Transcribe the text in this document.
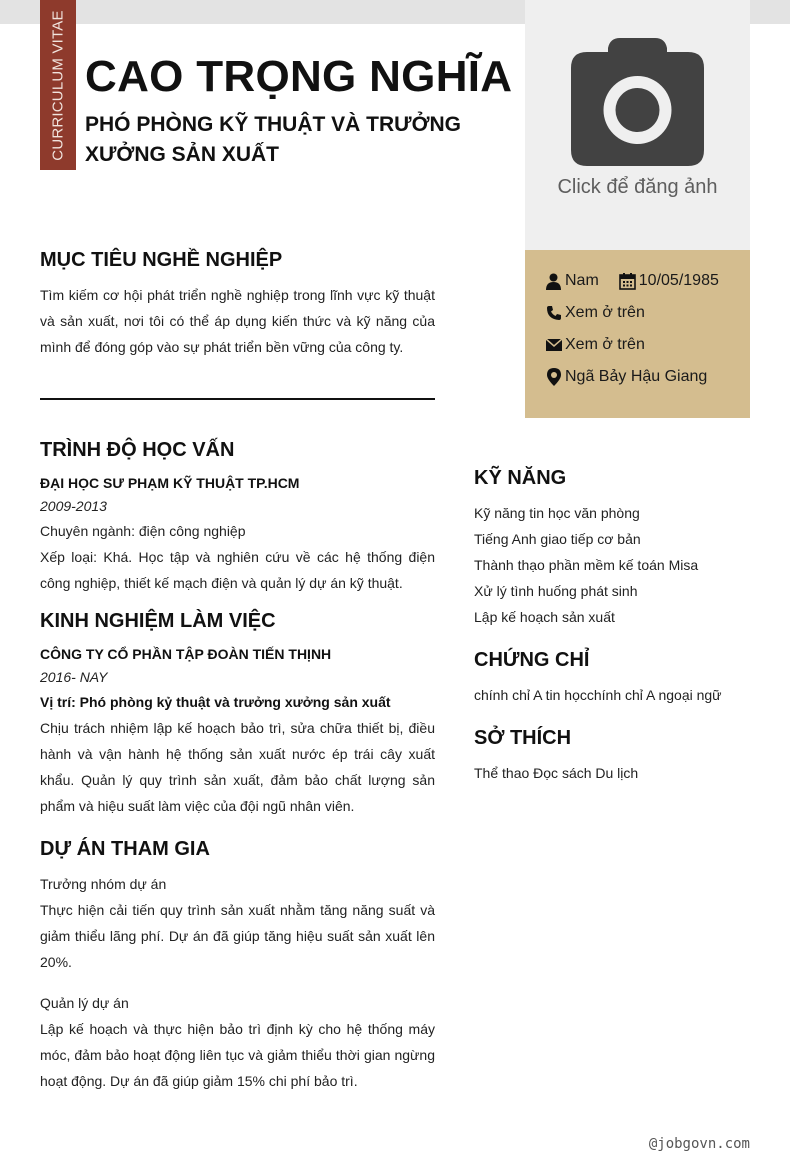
CURRICULUM VITAE CAO TRỌNG NGHĨA
PHÓ PHÒNG KỸ THUẬT VÀ TRƯỞNG XƯỞNG SẢN XUẤT
Click để đăng ảnh
Nam	10/05/1985
Xem ở trên
Xem ở trên
Ngã Bảy Hậu Giang
MỤC TIÊU NGHỀ NGHIỆP
Tìm kiếm cơ hội phát triển nghề nghiệp trong lĩnh vực kỹ thuật và sản xuất, nơi tôi có thể áp dụng kiến thức và kỹ năng của mình để đóng góp vào sự phát triển bền vững của công ty.
TRÌNH ĐỘ HỌC VẤN
ĐẠI HỌC SƯ PHẠM KỸ THUẬT TP.HCM
2009-2013
Chuyên ngành: điện công nghiệp
Xếp loại: Khá. Học tập và nghiên cứu về các hệ thống điện công nghiệp, thiết kế mạch điện và quản lý dự án kỹ thuật.
KINH NGHIỆM LÀM VIỆC
CÔNG TY CỔ PHẦN TẬP ĐOÀN TIẾN THỊNH
2016- NAY
Vị trí: Phó phòng kỷ thuật và trưởng xưởng sản xuất
Chịu trách nhiệm lập kế hoạch bảo trì, sửa chữa thiết bị, điều hành và vận hành hệ thống sản xuất nước ép trái cây xuất khẩu. Quản lý quy trình sản xuất, đảm bảo chất lượng sản phẩm và hiệu suất làm việc của đội ngũ nhân viên.
DỰ ÁN THAM GIA
Trưởng nhóm dự án
Thực hiện cải tiến quy trình sản xuất nhằm tăng năng suất và giảm thiểu lãng phí. Dự án đã giúp tăng hiệu suất sản xuất lên 20%.
Quản lý dự án
Lập kế hoạch và thực hiện bảo trì định kỳ cho hệ thống máy móc, đảm bảo hoạt động liên tục và giảm thiểu thời gian ngừng hoạt động. Dự án đã giúp giảm 15% chi phí bảo trì.
KỸ NĂNG
Kỹ năng tin học văn phòng
Tiếng Anh giao tiếp cơ bản
Thành thạo phần mềm kế toán Misa
Xử lý tình huống phát sinh
Lập kế hoạch sản xuất
CHỨNG CHỈ
chính chỉ A tin họcchính chỉ A ngoại ngữ
SỞ THÍCH
Thể thao Đọc sách Du lịch
@jobgovn.com
